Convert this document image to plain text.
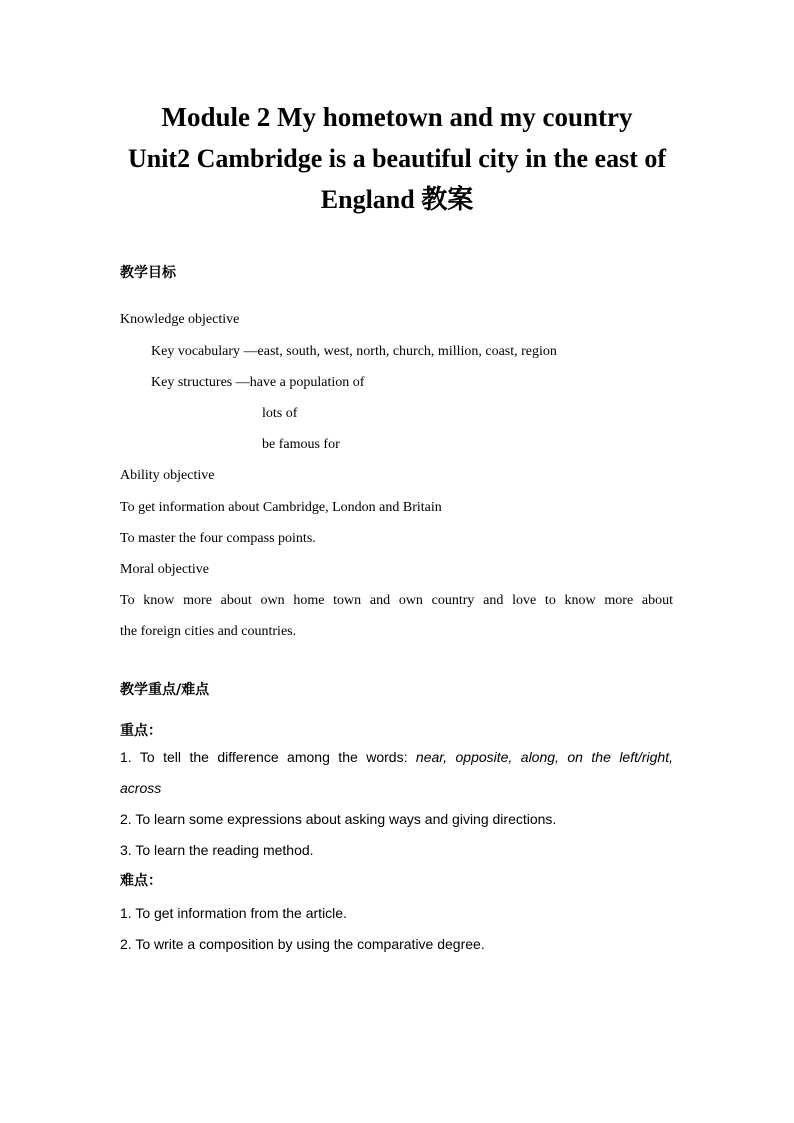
Module 2 My hometown and my country
Unit2 Cambridge is a beautiful city in the east of
England 教案

教学目标

Knowledge objective

Key vocabulary —east, south, west, north, church, million, coast, region

Key structures —have a population of

lots of

be famous for

Ability objective

To get information about Cambridge, London and Britain

To master the four compass points.

Moral objective

To know more about own home town and own country and love to know more about

the foreign cities and countries.

教学重点/难点

重点：

1. To tell the difference among the words: near, opposite, along, on the left/right,

across

2. To learn some expressions about asking ways and giving directions.

3. To learn the reading method.

难点：

1. To get information from the article.

2. To write a composition by using the comparative degree.
